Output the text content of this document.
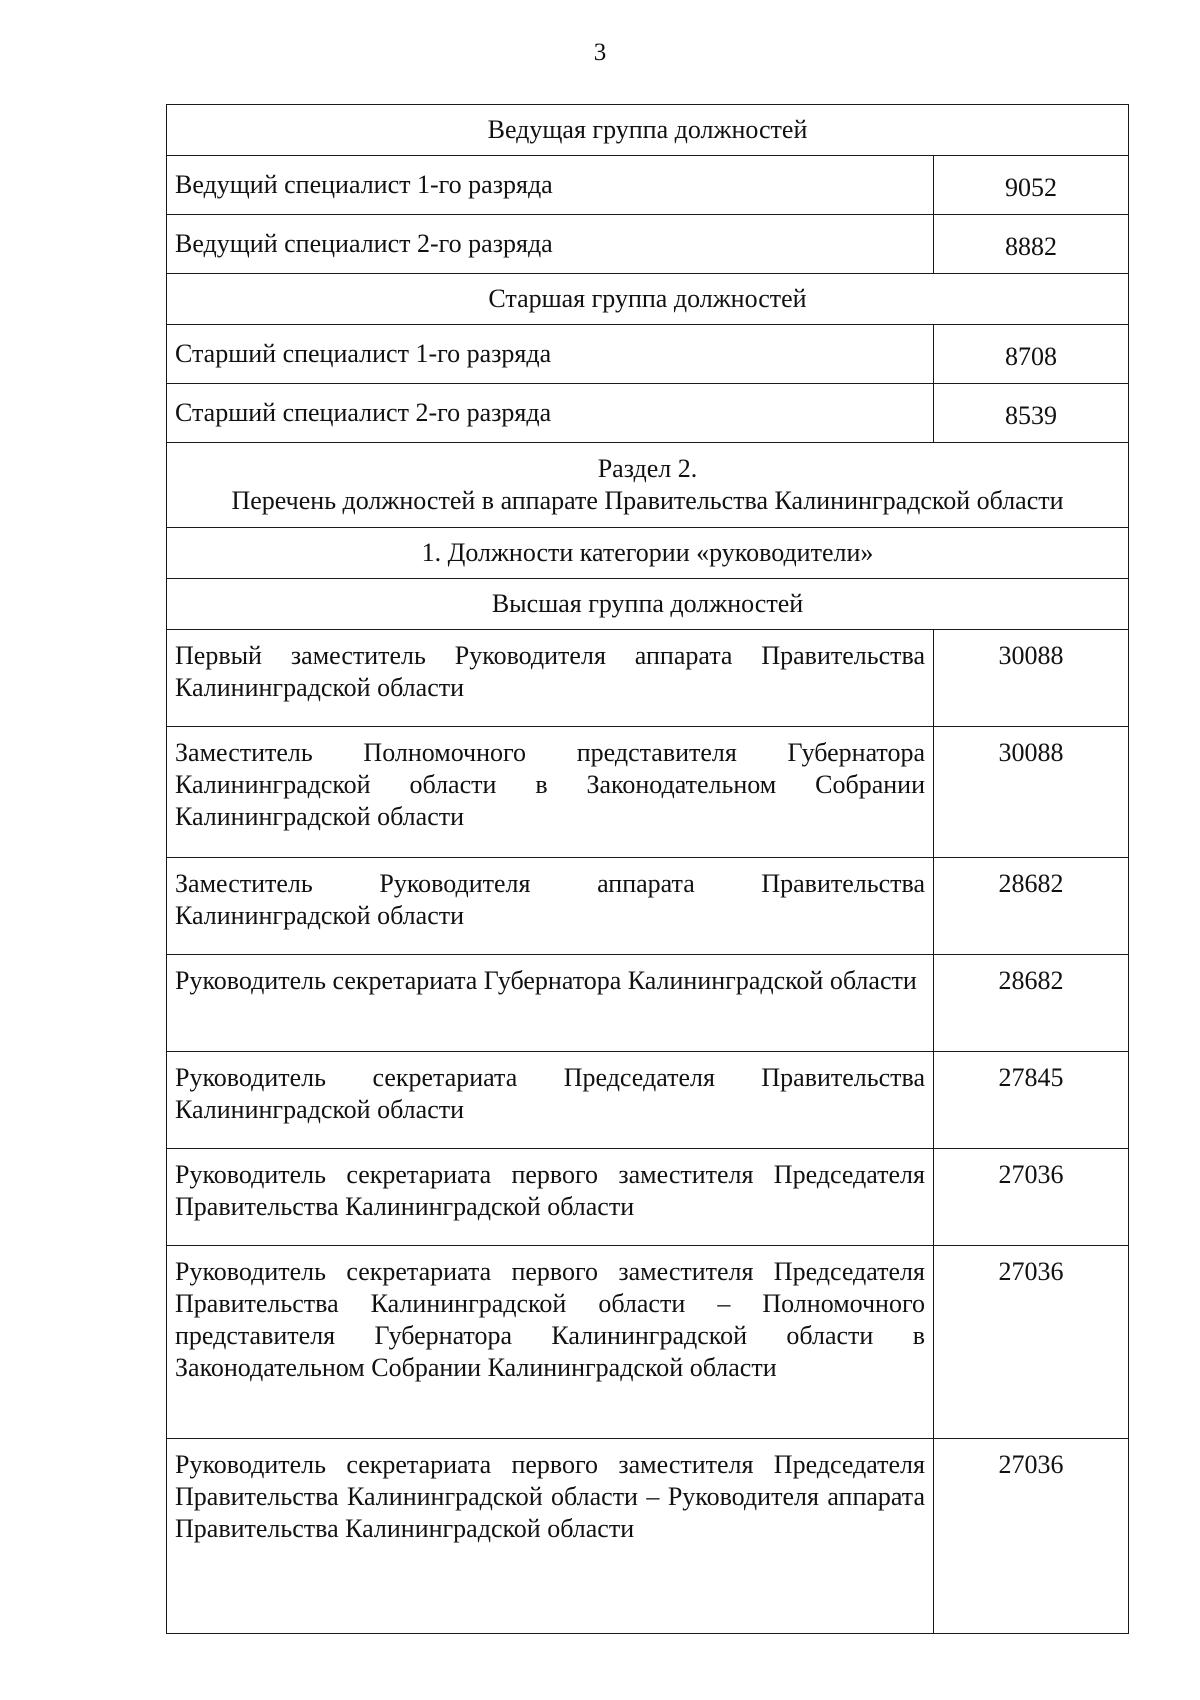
3
Ведущая группа должностей	
Ведущий специалист 1-го разряда	9052
Ведущий специалист 2-го разряда	8882
Старшая группа должностей	
Старший специалист 1-го разряда	8708
Старший специалист 2-го разряда	8539

Раздел 2.
Перечень должностей в аппарате Правительства Калининградской области	

1. Должности категории «руководители»	
Высшая группа должностей	
Первый заместитель Руководителя аппарата Правительства Калининградской области	30088
Заместитель Полномочного представителя Губернатора Калининградской области в Законодательном Собрании Калининградской области	30088
Заместитель Руководителя аппарата Правительства Калининградской области	28682
Руководитель секретариата Губернатора Калининградской области	28682
Руководитель секретариата Председателя Правительства Калининградской области	27845
Руководитель секретариата первого заместителя Председателя Правительства Калининградской области	27036
Руководитель секретариата первого заместителя Председателя Правительства Калининградской области – Полномочного представителя Губернатора Калининградской области в Законодательном Собрании Калининградской области	27036
Руководитель секретариата первого заместителя Председателя Правительства Калининградской области – Руководителя аппарата Правительства Калининградской области	27036
